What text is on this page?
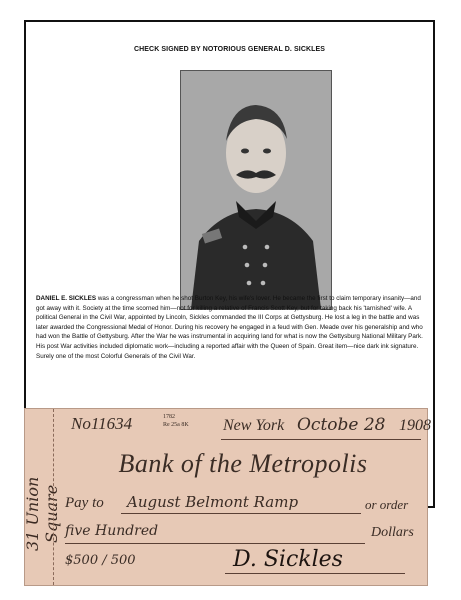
CHECK SIGNED BY NOTORIOUS GENERAL D. SICKLES
DANIEL E. SICKLES was a congressman when he shot Burton Key, his wife's lover. He became the first to claim temporary insanity—and got away with it. Society at the time scorned him—not for killing a relative of Francis Scott Key, but for taking back his 'tarnished' wife. A political General in the Civil War, appointed by Lincoln, Sickles commanded the III Corps at Gettysburg. He lost a leg in the battle and was later awarded the Congressional Medal of Honor. During his recovery he engaged in a feud with Gen. Meade over his generalship and who had won the Battle of Gettysburg. After the War he was instrumental in acquiring land for what is now the Gettysburg National Military Park. His post War activities included diplomatic work—including a reported affair with the Queen of Spain. Great item—nice dark ink signature. Surely one of the most Colorful Generals of the Civil War.
31 Union Square
No11634	1782
Re 25a 8K New York Octobe 28 1908
Bank of the Metropolis
Pay to August Belmont Ramp	or order
five Hundred	Dollars
$500 / 500	D. Sickles
